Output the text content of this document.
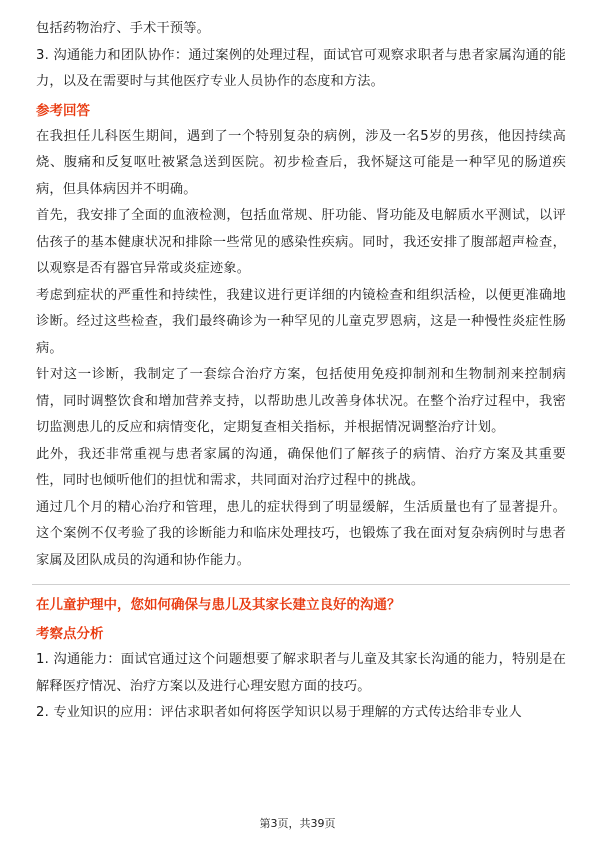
包括药物治疗、手术干预等。

3. 沟通能力和团队协作：通过案例的处理过程，面试官可观察求职者与患者家属沟通的能力，以及在需要时与其他医疗专业人员协作的态度和方法。

参考回答

在我担任儿科医生期间，遇到了一个特别复杂的病例，涉及一名5岁的男孩，他因持续高烧、腹痛和反复呕吐被紧急送到医院。初步检查后，我怀疑这可能是一种罕见的肠道疾病，但具体病因并不明确。

首先，我安排了全面的血液检测，包括血常规、肝功能、肾功能及电解质水平测试，以评估孩子的基本健康状况和排除一些常见的感染性疾病。同时，我还安排了腹部超声检查，以观察是否有器官异常或炎症迹象。

考虑到症状的严重性和持续性，我建议进行更详细的内镜检查和组织活检，以便更准确地诊断。经过这些检查，我们最终确诊为一种罕见的儿童克罗恩病，这是一种慢性炎症性肠病。

针对这一诊断，我制定了一套综合治疗方案，包括使用免疫抑制剂和生物制剂来控制病情，同时调整饮食和增加营养支持，以帮助患儿改善身体状况。在整个治疗过程中，我密切监测患儿的反应和病情变化，定期复查相关指标，并根据情况调整治疗计划。

此外，我还非常重视与患者家属的沟通，确保他们了解孩子的病情、治疗方案及其重要性，同时也倾听他们的担忧和需求，共同面对治疗过程中的挑战。

通过几个月的精心治疗和管理，患儿的症状得到了明显缓解，生活质量也有了显著提升。这个案例不仅考验了我的诊断能力和临床处理技巧，也锻炼了我在面对复杂病例时与患者家属及团队成员的沟通和协作能力。

在儿童护理中，您如何确保与患儿及其家长建立良好的沟通？
考察点分析

1. 沟通能力：面试官通过这个问题想要了解求职者与儿童及其家长沟通的能力，特别是在解释医疗情况、治疗方案以及进行心理安慰方面的技巧。

2. 专业知识的应用：评估求职者如何将医学知识以易于理解的方式传达给非专业人

第3页，共39页
